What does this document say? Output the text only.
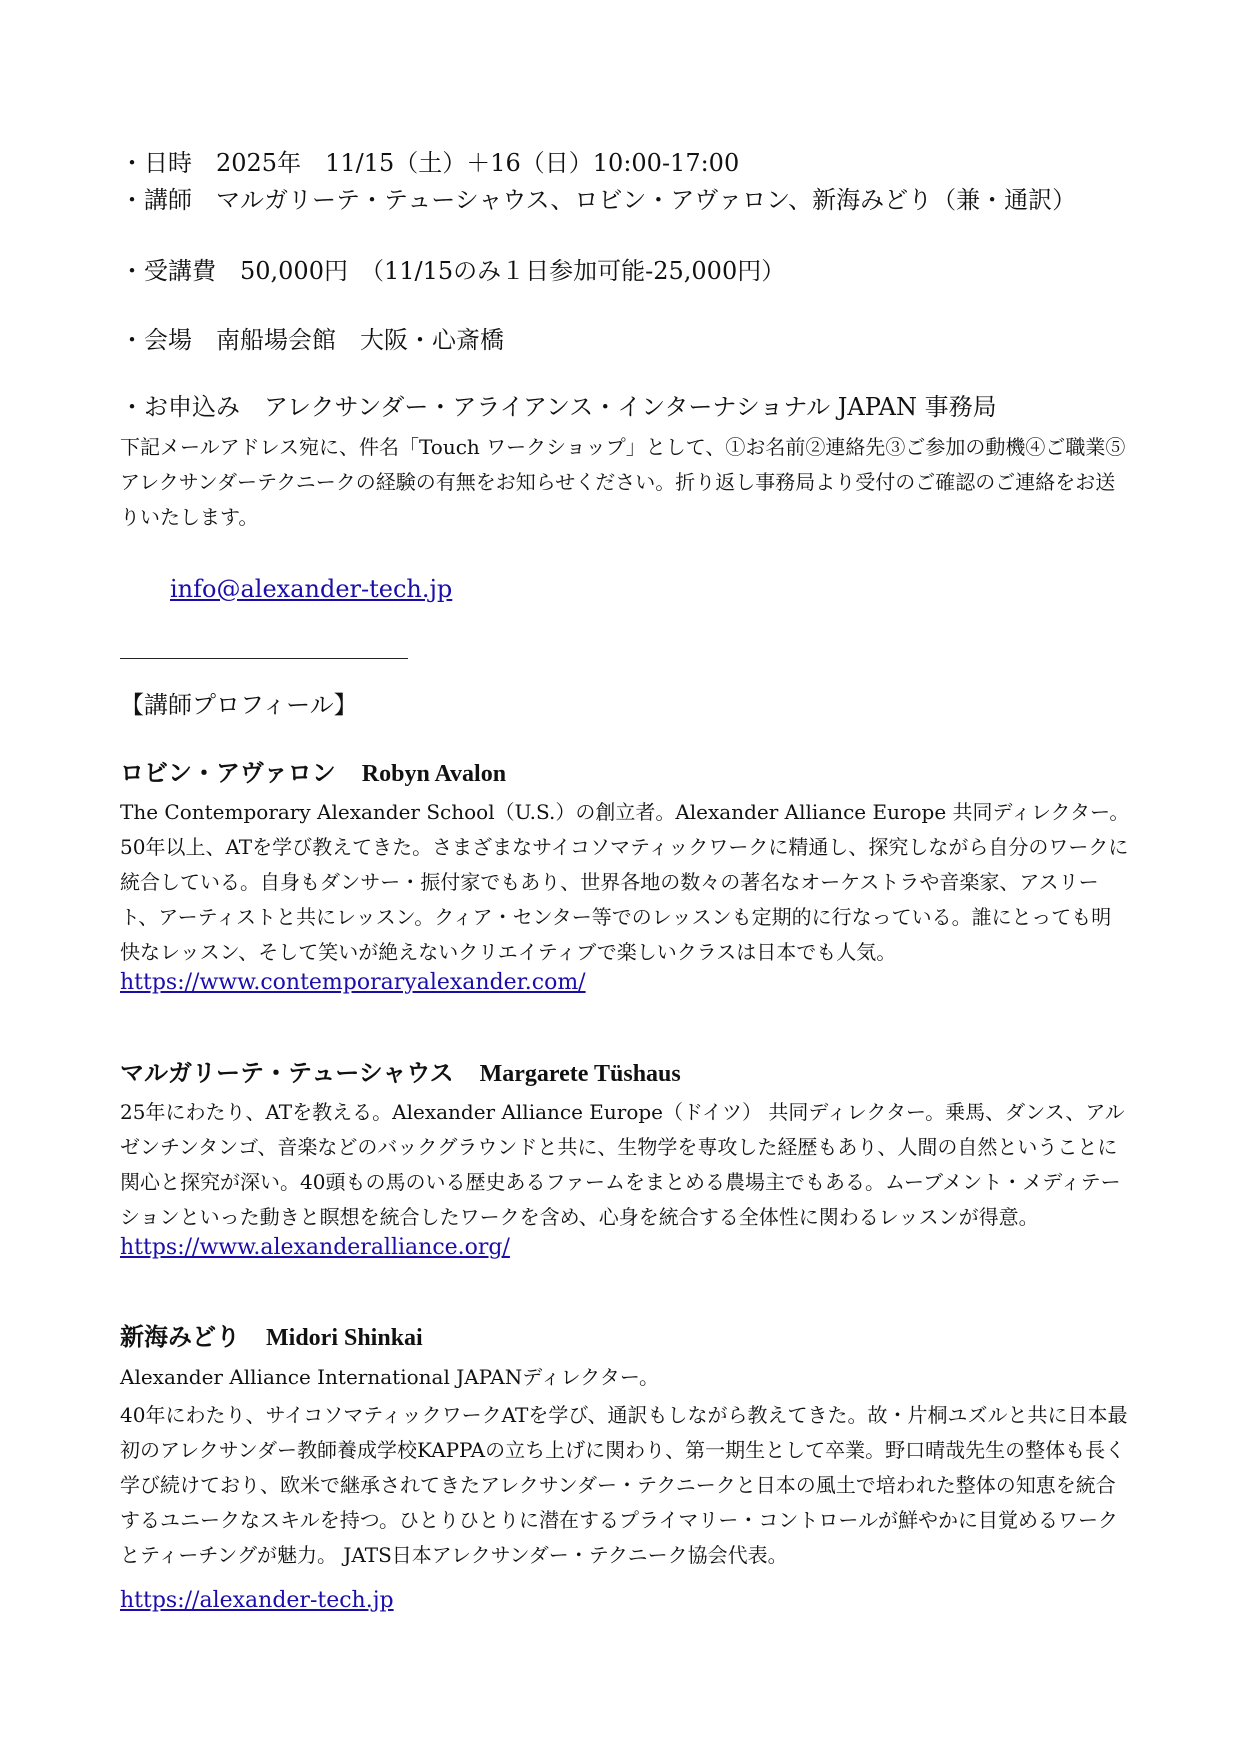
・日時　2025年　11/15（土）＋16（日）10:00-17:00
・講師　マルガリーテ・テューシャウス、ロビン・アヴァロン、新海みどり（兼・通訳）
・受講費　50,000円　（11/15のみ１日参加可能-25,000円）
・会場　南船場会館　大阪・心斎橋
・お申込み　アレクサンダー・アライアンス・インターナショナル JAPAN 事務局
下記メールアドレス宛に、件名「Touch ワークショップ」として、①お名前②連絡先③ご参加の動機④ご職業⑤アレクサンダーテクニークの経験の有無をお知らせください。折り返し事務局より受付のご確認のご連絡をお送りいたします。
info@alexander-tech.jp
【講師プロフィール】
ロビン・アヴァロン Robyn Avalon
The Contemporary Alexander School（U.S.）の創立者。Alexander Alliance Europe 共同ディレクター。50年以上、ATを学び教えてきた。さまざまなサイコソマティックワークに精通し、探究しながら自分のワークに統合している。自身もダンサー・振付家でもあり、世界各地の数々の著名なオーケストラや音楽家、アスリート、アーティストと共にレッスン。クィア・センター等でのレッスンも定期的に行なっている。誰にとっても明快なレッスン、そして笑いが絶えないクリエイティブで楽しいクラスは日本でも人気。
https://www.contemporaryalexander.com/
マルガリーテ・テューシャウス Margarete Tüshaus
25年にわたり、ATを教える。Alexander Alliance Europe（ドイツ） 共同ディレクター。乗馬、ダンス、アルゼンチンタンゴ、音楽などのバックグラウンドと共に、生物学を専攻した経歴もあり、人間の自然ということに関心と探究が深い。40頭もの馬のいる歴史あるファームをまとめる農場主でもある。ムーブメント・メディテーションといった動きと瞑想を統合したワークを含め、心身を統合する全体性に関わるレッスンが得意。
https://www.alexanderalliance.org/
新海みどり Midori Shinkai
Alexander Alliance International JAPANディレクター。
40年にわたり、サイコソマティックワークATを学び、通訳もしながら教えてきた。故・片桐ユズルと共に日本最初のアレクサンダー教師養成学校KAPPAの立ち上げに関わり、第一期生として卒業。野口晴哉先生の整体も長く学び続けており、欧米で継承されてきたアレクサンダー・テクニークと日本の風土で培われた整体の知恵を統合するユニークなスキルを持つ。ひとりひとりに潜在するプライマリー・コントロールが鮮やかに目覚めるワークとティーチングが魅力。 JATS日本アレクサンダー・テクニーク協会代表。
https://alexander-tech.jp
